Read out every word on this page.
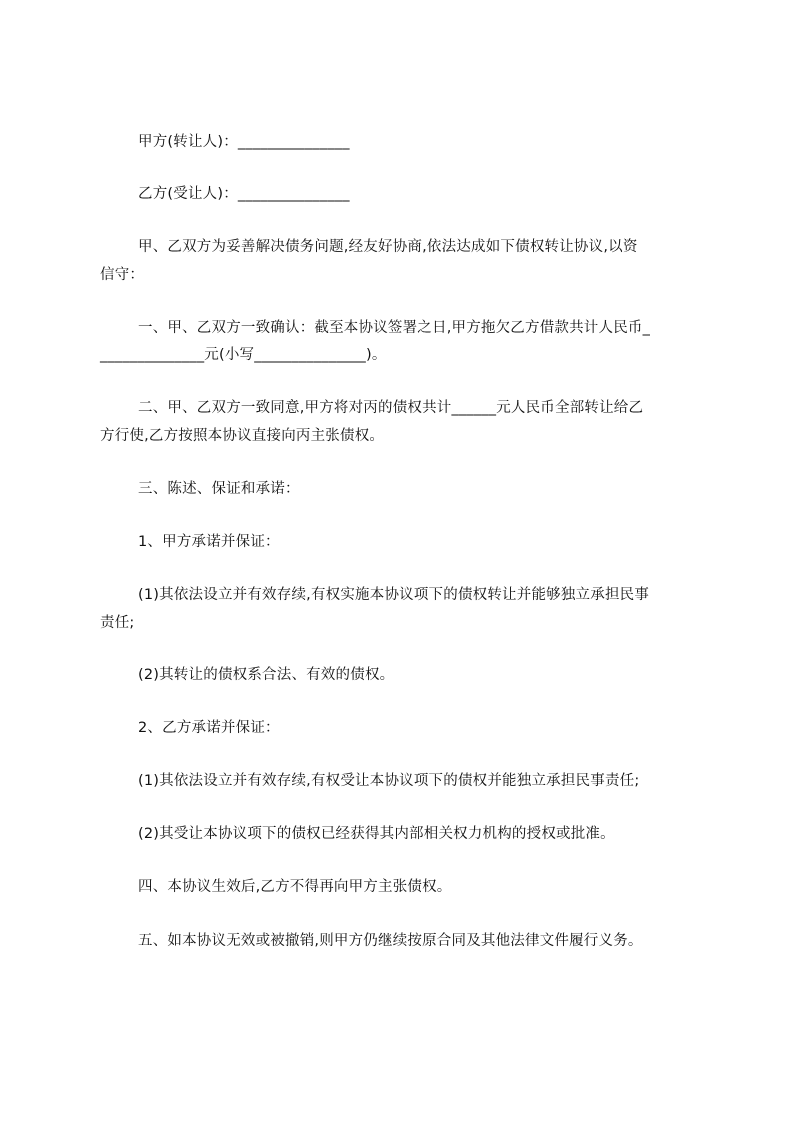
甲方(转让人)：_______________
乙方(受让人)：_______________
甲、乙双方为妥善解决债务问题,经友好协商,依法达成如下债权转让协议,以资
信守：
一、甲、乙双方一致确认：截至本协议签署之日,甲方拖欠乙方借款共计人民币_
______________元(小写_______________)。
二、甲、乙双方一致同意,甲方将对丙的债权共计______元人民币全部转让给乙
方行使,乙方按照本协议直接向丙主张债权。
三、陈述、保证和承诺：
1、甲方承诺并保证：
(1)其依法设立并有效存续,有权实施本协议项下的债权转让并能够独立承担民事
责任;
(2)其转让的债权系合法、有效的债权。
2、乙方承诺并保证：
(1)其依法设立并有效存续,有权受让本协议项下的债权并能独立承担民事责任;
(2)其受让本协议项下的债权已经获得其内部相关权力机构的授权或批准。
四、本协议生效后,乙方不得再向甲方主张债权。
五、如本协议无效或被撤销,则甲方仍继续按原合同及其他法律文件履行义务。
